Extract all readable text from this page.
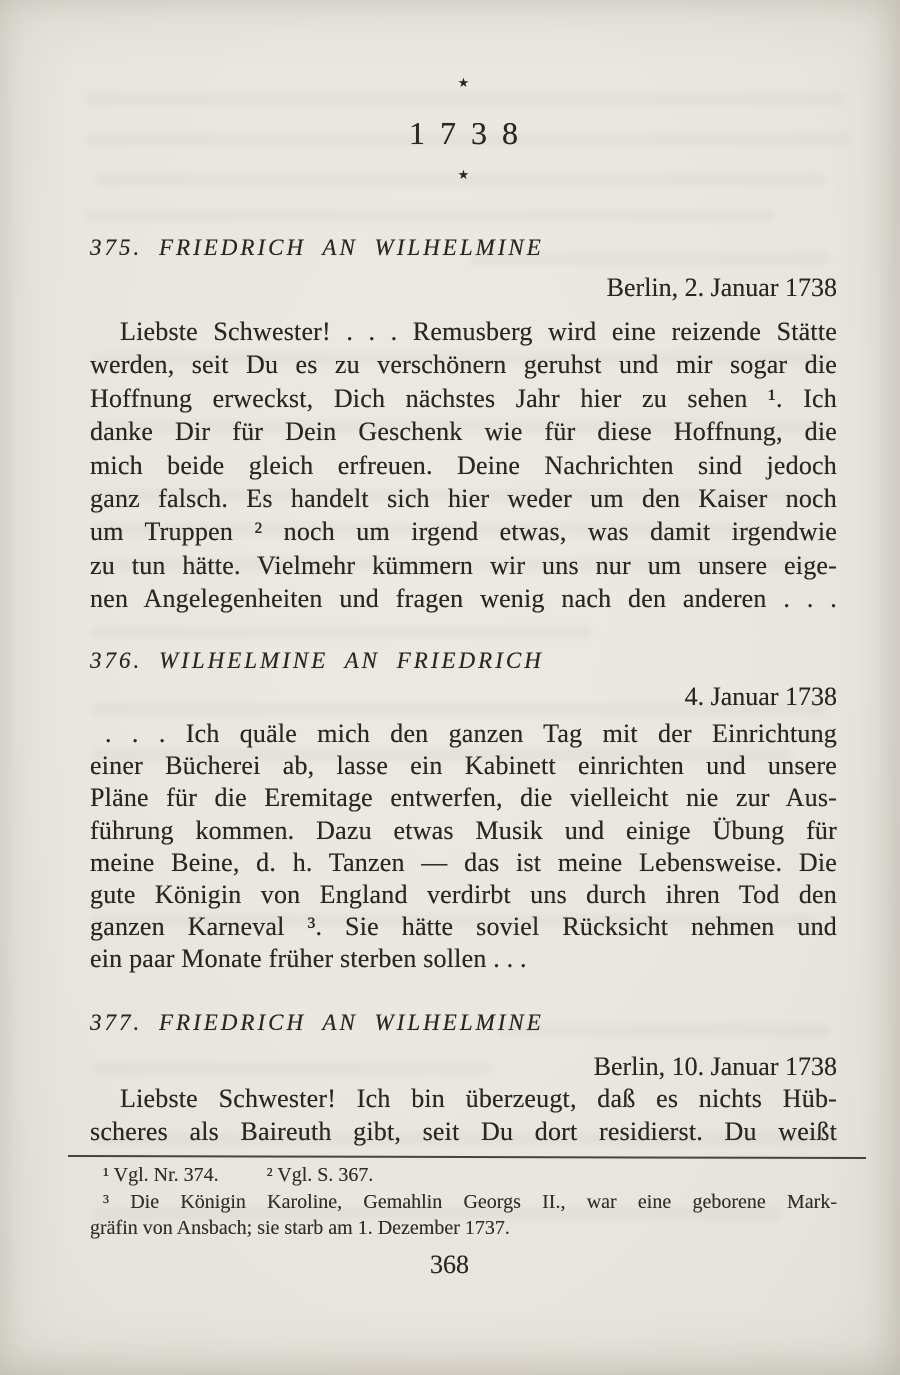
★
1738
★
375. FRIEDRICH AN WILHELMINE
Berlin, 2. Januar 1738
Liebste Schwester! . . . Remusberg wird eine reizende Stätte
werden, seit Du es zu verschönern geruhst und mir sogar die
Hoffnung erweckst, Dich nächstes Jahr hier zu sehen ¹. Ich
danke Dir für Dein Geschenk wie für diese Hoffnung, die
mich beide gleich erfreuen. Deine Nachrichten sind jedoch
ganz falsch. Es handelt sich hier weder um den Kaiser noch
um Truppen ² noch um irgend etwas, was damit irgendwie
zu tun hätte. Vielmehr kümmern wir uns nur um unsere eige-
nen Angelegenheiten und fragen wenig nach den anderen . . .
376. WILHELMINE AN FRIEDRICH
4. Januar 1738
. . . Ich quäle mich den ganzen Tag mit der Einrichtung
einer Bücherei ab, lasse ein Kabinett einrichten und unsere
Pläne für die Eremitage entwerfen, die vielleicht nie zur Aus-
führung kommen. Dazu etwas Musik und einige Übung für
meine Beine, d. h. Tanzen — das ist meine Lebensweise. Die
gute Königin von England verdirbt uns durch ihren Tod den
ganzen Karneval ³. Sie hätte soviel Rücksicht nehmen und
ein paar Monate früher sterben sollen . . .
377. FRIEDRICH AN WILHELMINE
Berlin, 10. Januar 1738
Liebste Schwester! Ich bin überzeugt, daß es nichts Hüb-
scheres als Baireuth gibt, seit Du dort residierst. Du weißt
¹ Vgl. Nr. 374. ² Vgl. S. 367.
³ Die Königin Karoline, Gemahlin Georgs II., war eine geborene Mark-
gräfin von Ansbach; sie starb am 1. Dezember 1737.
368
